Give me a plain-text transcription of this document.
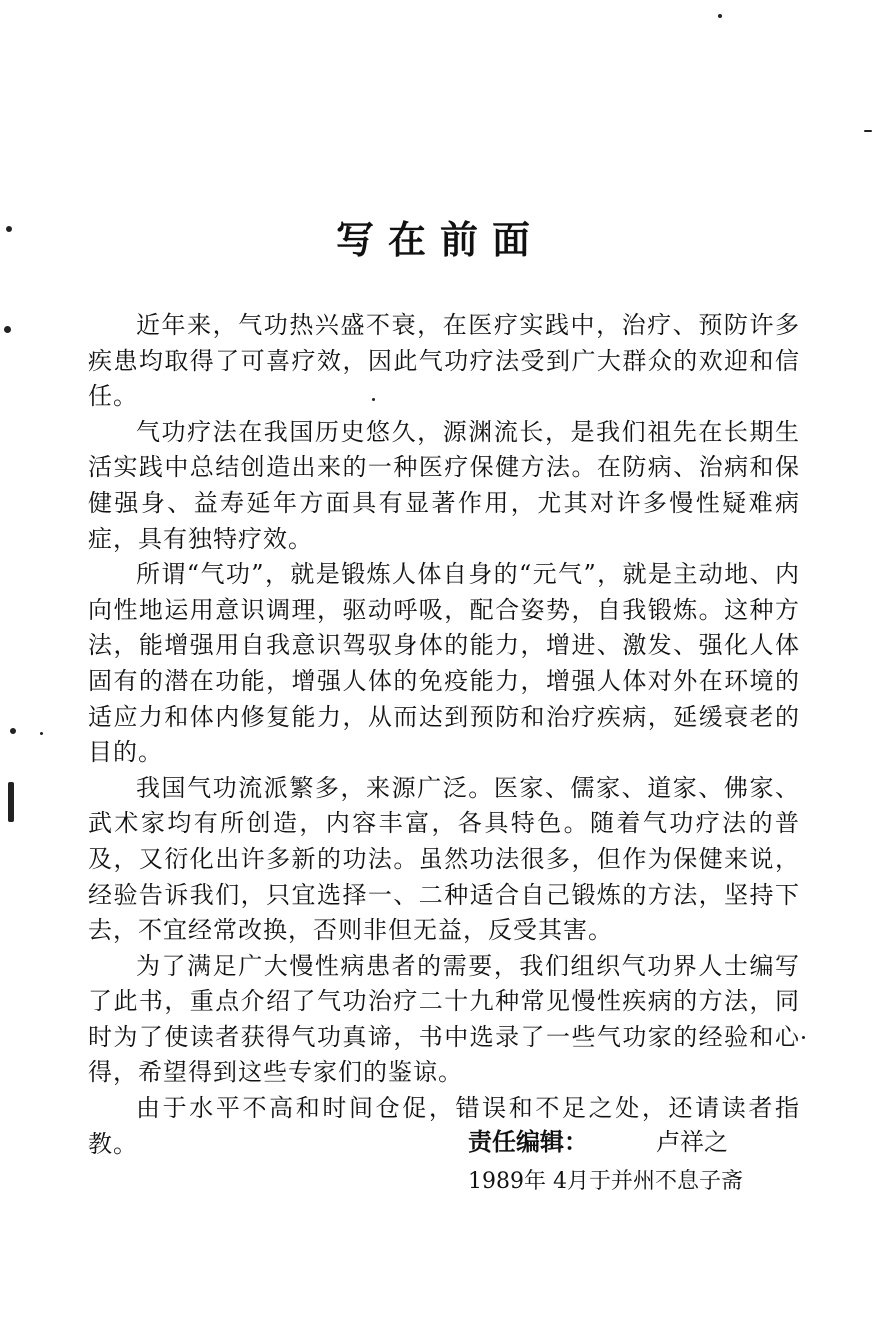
写在前面

近年来，气功热兴盛不衰，在医疗实践中，治疗、预防许多疾患均取得了可喜疗效，因此气功疗法受到广大群众的欢迎和信任。

气功疗法在我国历史悠久，源渊流长，是我们祖先在长期生活实践中总结创造出来的一种医疗保健方法。在防病、治病和保健强身、益寿延年方面具有显著作用，尤其对许多慢性疑难病症，具有独特疗效。

所谓“气功”，就是锻炼人体自身的“元气”，就是主动地、内向性地运用意识调理，驱动呼吸，配合姿势，自我锻炼。这种方法，能增强用自我意识驾驭身体的能力，增进、激发、强化人体固有的潜在功能，增强人体的免疫能力，增强人体对外在环境的适应力和体内修复能力，从而达到预防和治疗疾病，延缓衰老的目的。

我国气功流派繁多，来源广泛。医家、儒家、道家、佛家、武术家均有所创造，内容丰富，各具特色。随着气功疗法的普及，又衍化出许多新的功法。虽然功法很多，但作为保健来说，经验告诉我们，只宜选择一、二种适合自己锻炼的方法，坚持下去，不宜经常改换，否则非但无益，反受其害。

为了满足广大慢性病患者的需要，我们组织气功界人士编写了此书，重点介绍了气功治疗二十九种常见慢性疾病的方法，同时为了使读者获得气功真谛，书中选录了一些气功家的经验和心得，希望得到这些专家们的鉴谅。

由于水平不高和时间仓促，错误和不足之处，还请读者指教。	责任编辑：	卢祥之
1989年 4月于并州不息子斋
